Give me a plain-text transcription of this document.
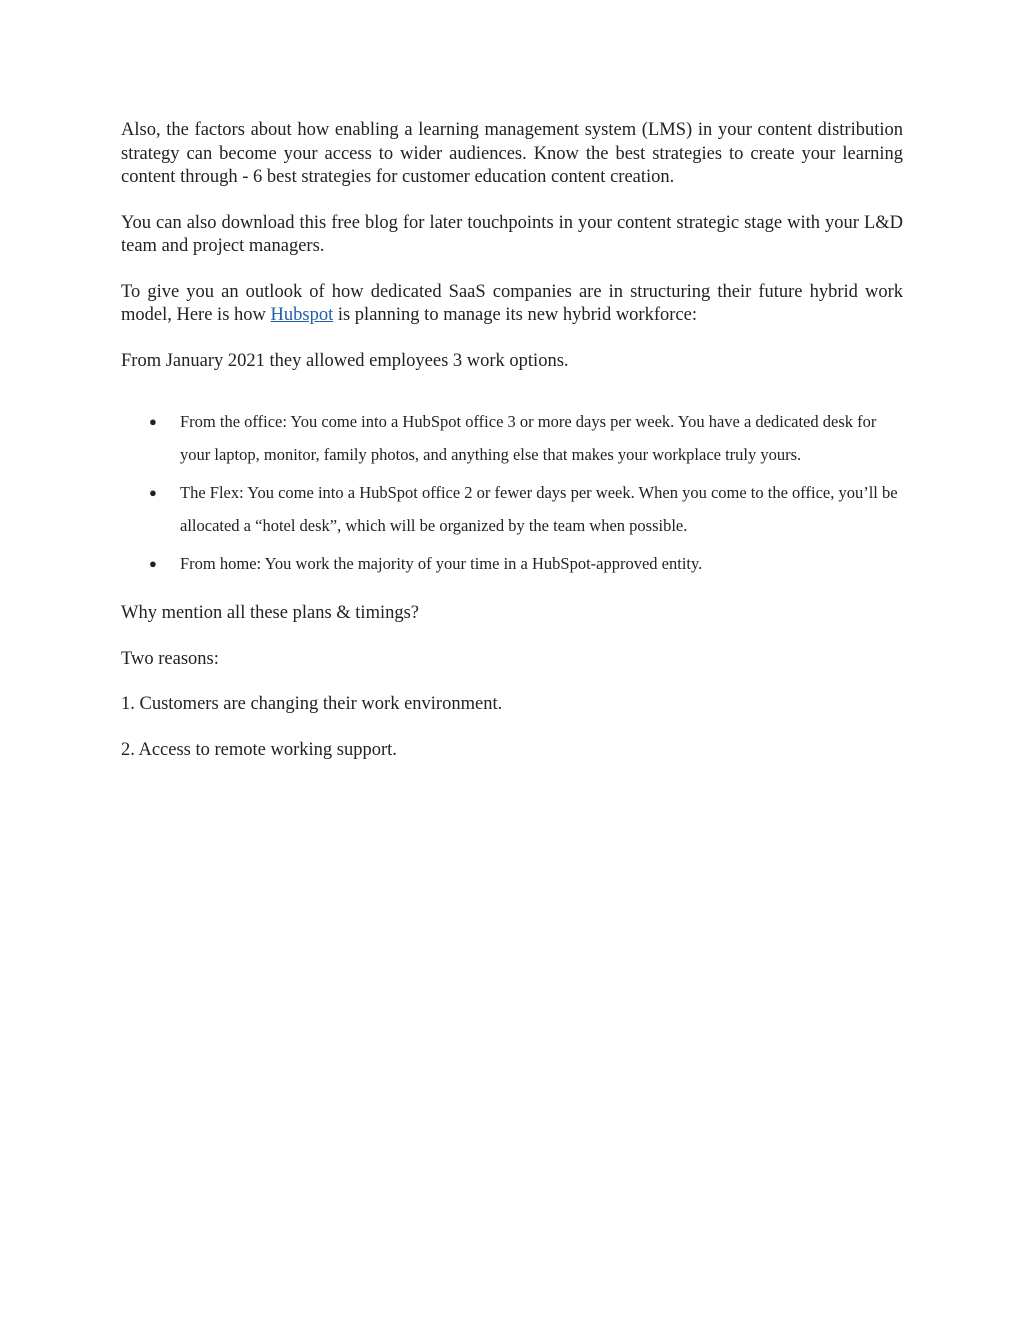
Also, the factors about how enabling a learning management system (LMS) in your content distribution strategy can become your access to wider audiences. Know the best strategies to create your learning content through - 6 best strategies for customer education content creation.

You can also download this free blog for later touchpoints in your content strategic stage with your L&D team and project managers.

To give you an outlook of how dedicated SaaS companies are in structuring their future hybrid work model, Here is how Hubspot is planning to manage its new hybrid workforce:

From January 2021 they allowed employees 3 work options.

● From the office: You come into a HubSpot office 3 or more days per week. You have a dedicated desk for your laptop, monitor, family photos, and anything else that makes your workplace truly yours.
● The Flex: You come into a HubSpot office 2 or fewer days per week. When you come to the office, you’ll be allocated a “hotel desk”, which will be organized by the team when possible.
● From home: You work the majority of your time in a HubSpot-approved entity.

Why mention all these plans & timings?

Two reasons:

1. Customers are changing their work environment.

2. Access to remote working support.
